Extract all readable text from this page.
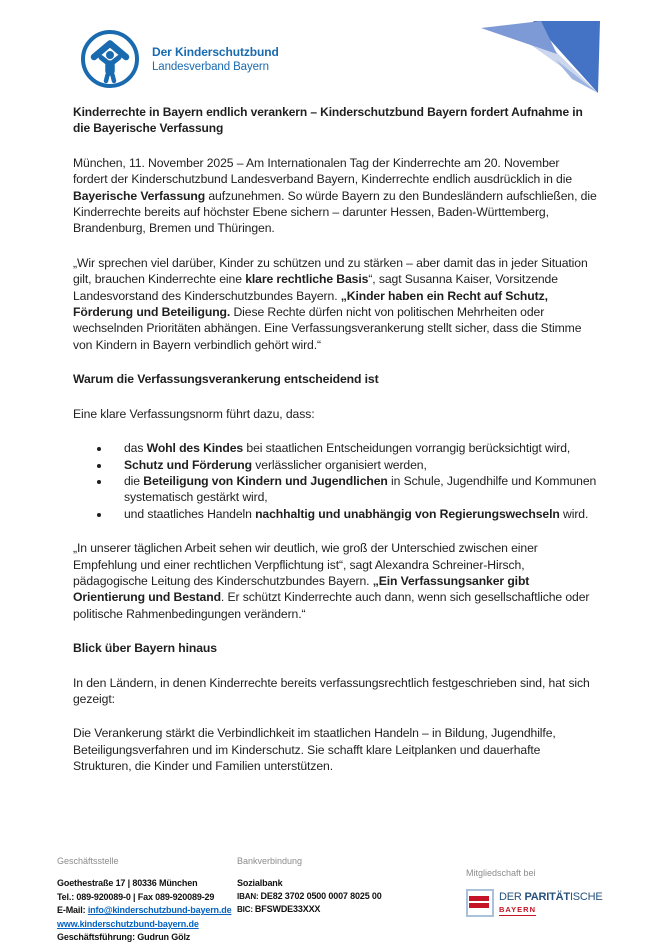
Der Kinderschutzbund
Landesverband Bayern
Kinderrechte in Bayern endlich verankern – Kinderschutzbund Bayern fordert Aufnahme in
die Bayerische Verfassung

München, 11. November 2025 – Am Internationalen Tag der Kinderrechte am 20. November fordert der Kinderschutzbund Landesverband Bayern, Kinderrechte endlich ausdrücklich in die Bayerische Verfassung aufzunehmen. So würde Bayern zu den Bundesländern aufschließen, die Kinderrechte bereits auf höchster Ebene sichern – darunter Hessen, Baden-Württemberg, Brandenburg, Bremen und Thüringen.

„Wir sprechen viel darüber, Kinder zu schützen und zu stärken – aber damit das in jeder Situation gilt, brauchen Kinderrechte eine klare rechtliche Basis“, sagt Susanna Kaiser, Vorsitzende Landesvorstand des Kinderschutzbundes Bayern. „Kinder haben ein Recht auf Schutz, Förderung und Beteiligung. Diese Rechte dürfen nicht von politischen Mehrheiten oder wechselnden Prioritäten abhängen. Eine Verfassungsverankerung stellt sicher, dass die Stimme von Kindern in Bayern verbindlich gehört wird.“

Warum die Verfassungsverankerung entscheidend ist

Eine klare Verfassungsnorm führt dazu, dass:

• das Wohl des Kindes bei staatlichen Entscheidungen vorrangig berücksichtigt wird,
• Schutz und Förderung verlässlicher organisiert werden,
• die Beteiligung von Kindern und Jugendlichen in Schule, Jugendhilfe und Kommunen systematisch gestärkt wird,
• und staatliches Handeln nachhaltig und unabhängig von Regierungswechseln wird.

„In unserer täglichen Arbeit sehen wir deutlich, wie groß der Unterschied zwischen einer Empfehlung und einer rechtlichen Verpflichtung ist“, sagt Alexandra Schreiner-Hirsch, pädagogische Leitung des Kinderschutzbundes Bayern. „Ein Verfassungsanker gibt Orientierung und Bestand. Er schützt Kinderrechte auch dann, wenn sich gesellschaftliche oder politische Rahmenbedingungen verändern.“

Blick über Bayern hinaus

In den Ländern, in denen Kinderrechte bereits verfassungsrechtlich festgeschrieben sind, hat sich gezeigt:

Die Verankerung stärkt die Verbindlichkeit im staatlichen Handeln – in Bildung, Jugendhilfe, Beteiligungsverfahren und im Kinderschutz. Sie schafft klare Leitplanken und dauerhafte Strukturen, die Kinder und Familien unterstützen.

Geschäftsstelle
Goethestraße 17 | 80336 München
Tel.: 089-920089-0 | Fax 089-920089-29
E-Mail: info@kinderschutzbund-bayern.de
www.kinderschutzbund-bayern.de
Geschäftsführung: Gudrun Gölz
Bankverbindung
Sozialbank
IBAN: DE82 3702 0500 0007 8025 00
BIC: BFSWDE33XXX
Mitgliedschaft bei
DER PARITÄTISCHE
BAYERN
